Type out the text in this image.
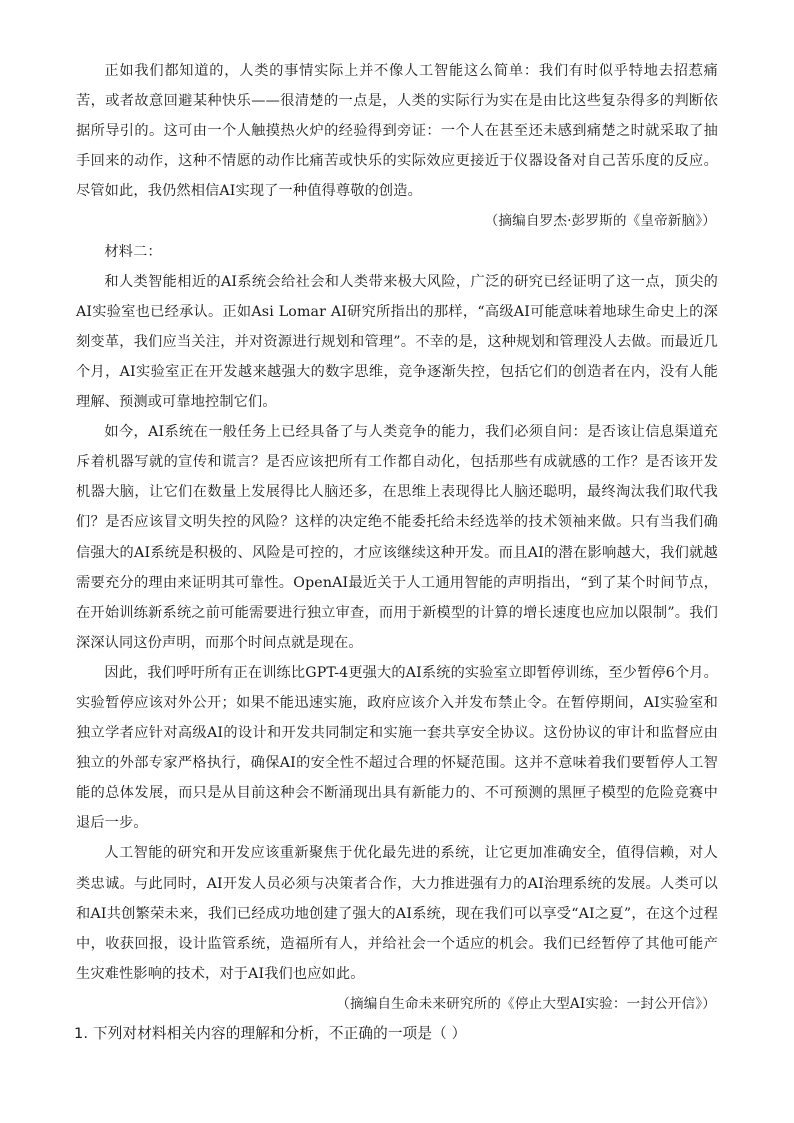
正如我们都知道的，人类的事情实际上并不像人工智能这么简单：我们有时似乎特地去招惹痛苦，或者故意回避某种快乐——很清楚的一点是，人类的实际行为实在是由比这些复杂得多的判断依据所导引的。这可由一个人触摸热火炉的经验得到旁证：一个人在甚至还未感到痛楚之时就采取了抽手回来的动作，这种不情愿的动作比痛苦或快乐的实际效应更接近于仪器设备对自己苦乐度的反应。尽管如此，我仍然相信AI实现了一种值得尊敬的创造。

（摘编自罗杰·彭罗斯的《皇帝新脑》）

材料二：

和人类智能相近的AI系统会给社会和人类带来极大风险，广泛的研究已经证明了这一点，顶尖的AI实验室也已经承认。正如Asi Lomar AI研究所指出的那样，“高级AI可能意味着地球生命史上的深刻变革，我们应当关注，并对资源进行规划和管理”。不幸的是，这种规划和管理没人去做。而最近几个月，AI实验室正在开发越来越强大的数字思维，竞争逐渐失控，包括它们的创造者在内，没有人能理解、预测或可靠地控制它们。

如今，AI系统在一般任务上已经具备了与人类竞争的能力，我们必须自问：是否该让信息渠道充斥着机器写就的宣传和谎言？是否应该把所有工作都自动化，包括那些有成就感的工作？是否该开发机器大脑，让它们在数量上发展得比人脑还多，在思维上表现得比人脑还聪明，最终淘汰我们取代我们？是否应该冒文明失控的风险？这样的决定绝不能委托给未经选举的技术领袖来做。只有当我们确信强大的AI系统是积极的、风险是可控的，才应该继续这种开发。而且AI的潜在影响越大，我们就越需要充分的理由来证明其可靠性。OpenAI最近关于人工通用智能的声明指出，“到了某个时间节点，在开始训练新系统之前可能需要进行独立审查，而用于新模型的计算的增长速度也应加以限制”。我们深深认同这份声明，而那个时间点就是现在。

因此，我们呼吁所有正在训练比GPT-4更强大的AI系统的实验室立即暂停训练，至少暂停6个月。实验暂停应该对外公开；如果不能迅速实施，政府应该介入并发布禁止令。在暂停期间，AI实验室和独立学者应针对高级AI的设计和开发共同制定和实施一套共享安全协议。这份协议的审计和监督应由独立的外部专家严格执行，确保AI的安全性不超过合理的怀疑范围。这并不意味着我们要暂停人工智能的总体发展，而只是从目前这种会不断涌现出具有新能力的、不可预测的黑匣子模型的危险竞赛中退后一步。

人工智能的研究和开发应该重新聚焦于优化最先进的系统，让它更加准确安全，值得信赖，对人类忠诚。与此同时，AI开发人员必须与决策者合作，大力推进强有力的AI治理系统的发展。人类可以和AI共创繁荣未来，我们已经成功地创建了强大的AI系统，现在我们可以享受“AI之夏”，在这个过程中，收获回报，设计监管系统，造福所有人，并给社会一个适应的机会。我们已经暂停了其他可能产生灾难性影响的技术，对于AI我们也应如此。

（摘编自生命未来研究所的《停止大型AI实验：一封公开信》）

1. 下列对材料相关内容的理解和分析，不正确的一项是（ ）
